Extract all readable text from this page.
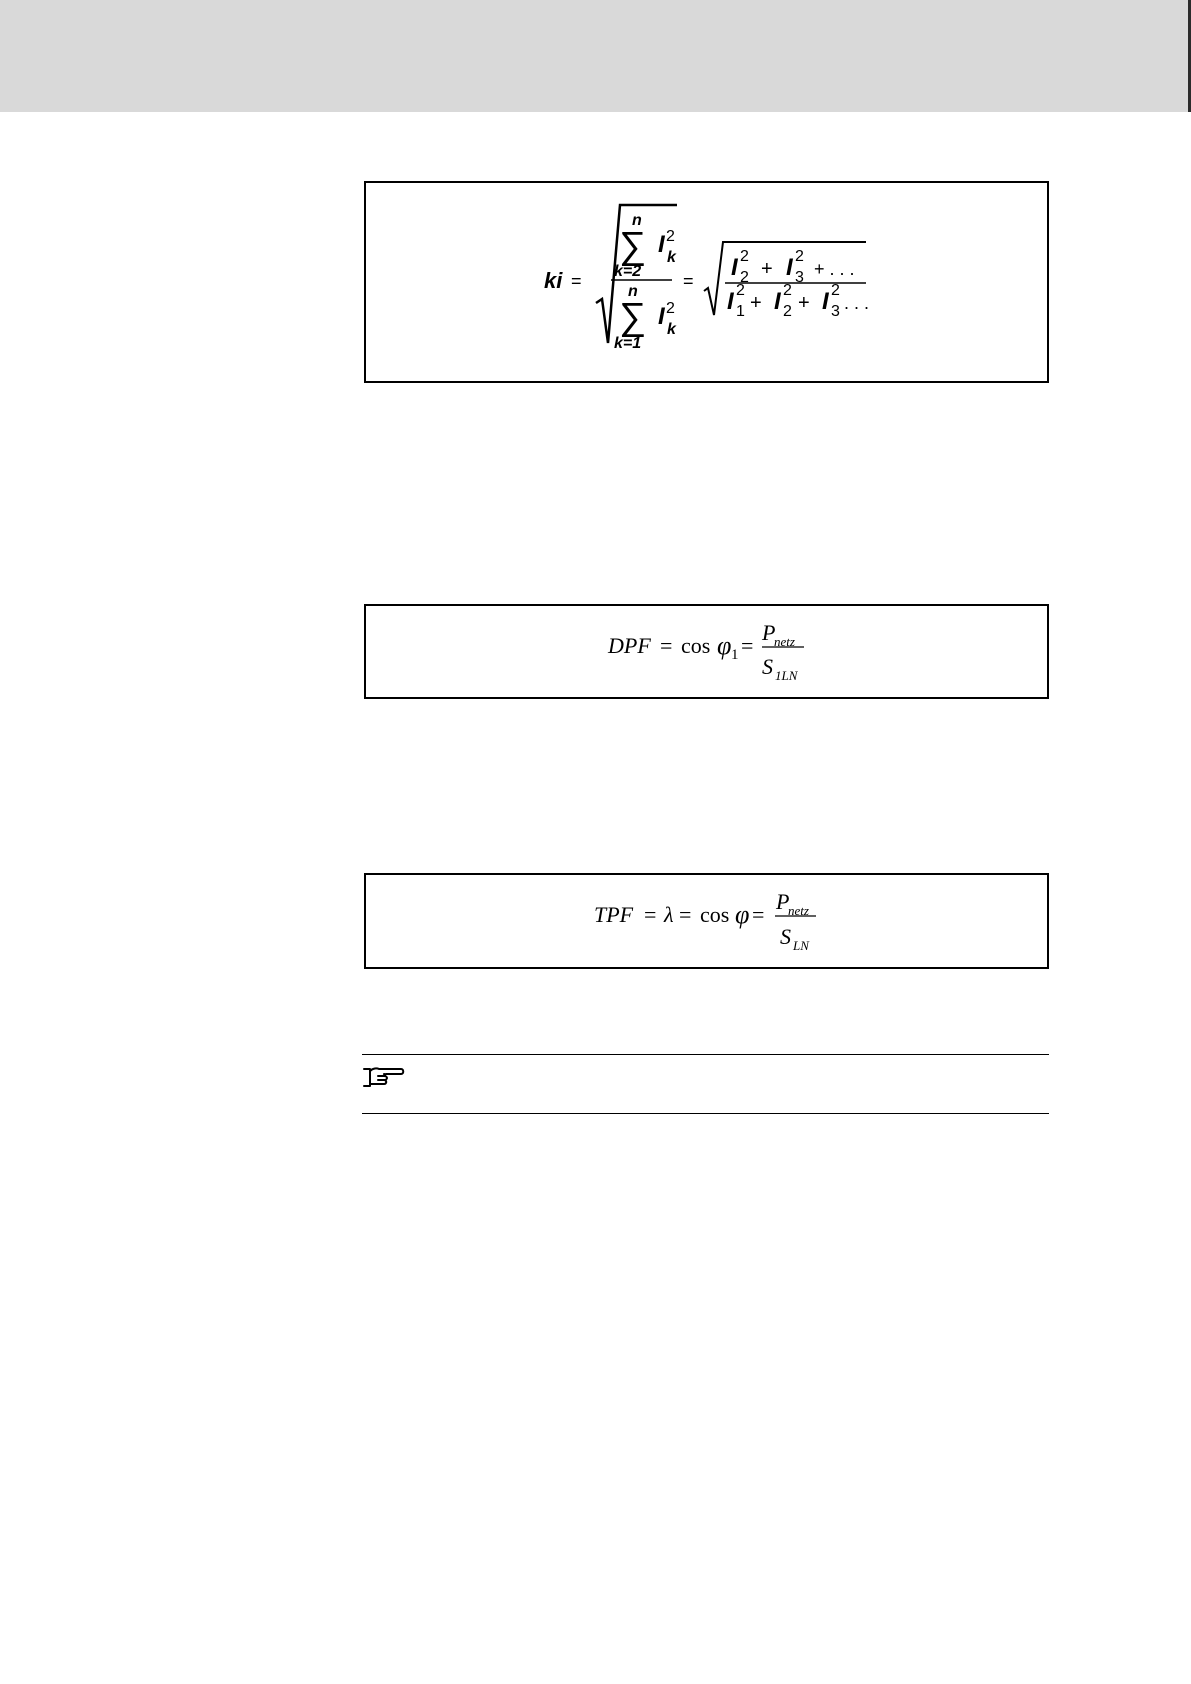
ki =
n
∑ I k
2
k=2
n
∑ I k
2
k=1
= I 2
2
+ I 3
2
+ . . .
I 1
2
+ I 2
2
+ I 3
2
. . .
DPF = cos φ 1 =
P
netz
S 1LN
TPF = λ = cos φ =
P
netz
S LN
